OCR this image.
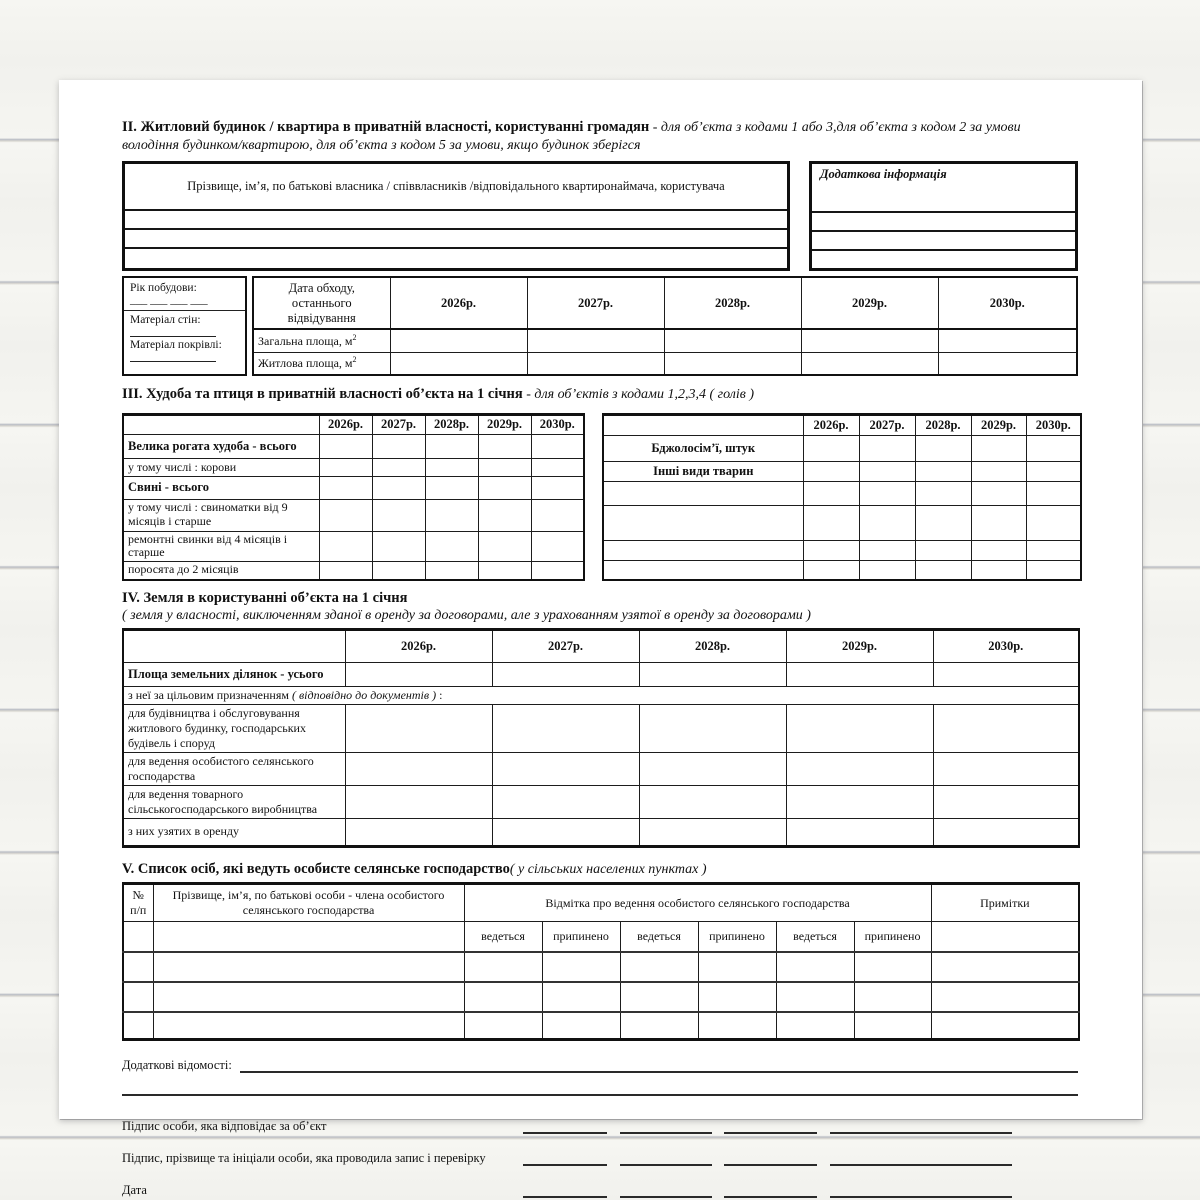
ІІ. Житловий будинок / квартира в приватній власності, користуванні громадян - для об’єкта з кодами 1 або 3,для об’єкта з кодом 2 за умови володіння будинком/квартирою, для об’єкта з кодом 5 за умови, якщо будинок зберігся
Прізвище, ім’я, по батькові власника / співвласників /відповідального квартиронаймача, користувача
Додаткова інформація
Рік побудови:
___ ___ ___ ___
Матеріал стін:
Матеріал покрівлі:
Дата обходу, останнього відвідування	2026р.	2027р.	2028р.	2029р.	2030р.
Загальна площа, $м^2$					
Житлова площа, $м^2$					
ІІІ. Худоба та птиця в приватній власності об’єкта на 1 січня - для об’єктів з кодами 1,2,3,4 ( голів )
	2026р.	2027р.	2028р.	2029р.	2030р.
Велика рогата худоба - всього					
у тому числі : корови					
Свині - всього					
у тому числі : свиноматки від 9 місяців і старше					
ремонтні свинки від 4 місяців і старше					
поросята до 2 місяців					
	2026р.	2027р.	2028р.	2029р.	2030р.
Бджолосім’ї, штук					
Інші види тварин					

IV. Земля в користуванні об’єкта на 1 січня
( земля у власності, виключенням зданої в оренду за договорами, але з урахованням узятої в оренду за договорами )
	2026р.	2027р.	2028р.	2029р.	2030р.
Площа земельних ділянок - усього					
з неї за цільовим призначенням ( відповідно до документів ) :					
для будівництва і обслуговування житлового будинку, господарських будівель і споруд					
для ведення особистого селянського господарства					
для ведення товарного сільськогосподарського виробництва					
з них узятих в оренду					
V. Список осіб, які ведуть особисте селянське господарство( у сільських населених пунктах )
№ п/п	Прізвище, ім’я, по батькові особи - члена особистого селянського господарства	Відмітка про ведення особистого селянського господарства						Примітки
		ведеться	припинено	ведеться	припинено	ведеться	припинено	

Додаткові відомості:
Підпис особи, яка відповідає за об’єкт
Підпис, прізвище та ініціали особи, яка проводила запис і перевірку
Дата
